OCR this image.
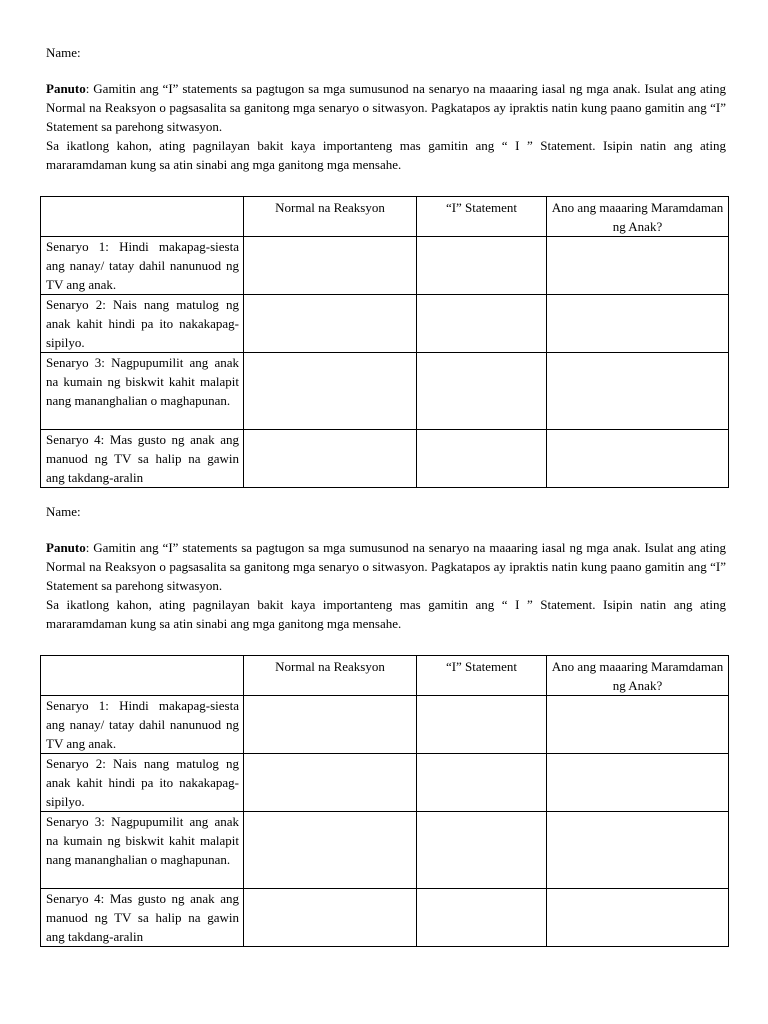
Name:

Panuto: Gamitin ang “I” statements sa pagtugon sa mga sumusunod na senaryo na maaaring iasal ng mga anak. Isulat ang ating Normal na Reaksyon o pagsasalita sa ganitong mga senaryo o sitwasyon. Pagkatapos ay ipraktis natin kung paano gamitin ang “I” Statement sa parehong sitwasyon.

Sa ikatlong kahon, ating pagnilayan bakit kaya importanteng mas gamitin ang “ I ” Statement. Isipin natin ang ating mararamdaman kung sa atin sinabi ang mga ganitong mga mensahe.

	Normal na Reaksyon	“I” Statement	Ano ang maaaring Maramdaman ng Anak?
Senaryo 1: Hindi makapag-siesta ang nanay/ tatay dahil nanunuod ng TV ang anak.			
Senaryo 2: Nais nang matulog ng anak kahit hindi pa ito nakakapag-sipilyo.			
Senaryo 3: Nagpupumilit ang anak na kumain ng biskwit kahit malapit nang mananghalian o maghapunan.			
Senaryo 4: Mas gusto ng anak ang manuod ng TV sa halip na gawin ang takdang-aralin			
Name:

Panuto: Gamitin ang “I” statements sa pagtugon sa mga sumusunod na senaryo na maaaring iasal ng mga anak. Isulat ang ating Normal na Reaksyon o pagsasalita sa ganitong mga senaryo o sitwasyon. Pagkatapos ay ipraktis natin kung paano gamitin ang “I” Statement sa parehong sitwasyon.

Sa ikatlong kahon, ating pagnilayan bakit kaya importanteng mas gamitin ang “ I ” Statement. Isipin natin ang ating mararamdaman kung sa atin sinabi ang mga ganitong mga mensahe.

	Normal na Reaksyon	“I” Statement	Ano ang maaaring Maramdaman ng Anak?
Senaryo 1: Hindi makapag-siesta ang nanay/ tatay dahil nanunuod ng TV ang anak.			
Senaryo 2: Nais nang matulog ng anak kahit hindi pa ito nakakapag-sipilyo.			
Senaryo 3: Nagpupumilit ang anak na kumain ng biskwit kahit malapit nang mananghalian o maghapunan.			
Senaryo 4: Mas gusto ng anak ang manuod ng TV sa halip na gawin ang takdang-aralin			
